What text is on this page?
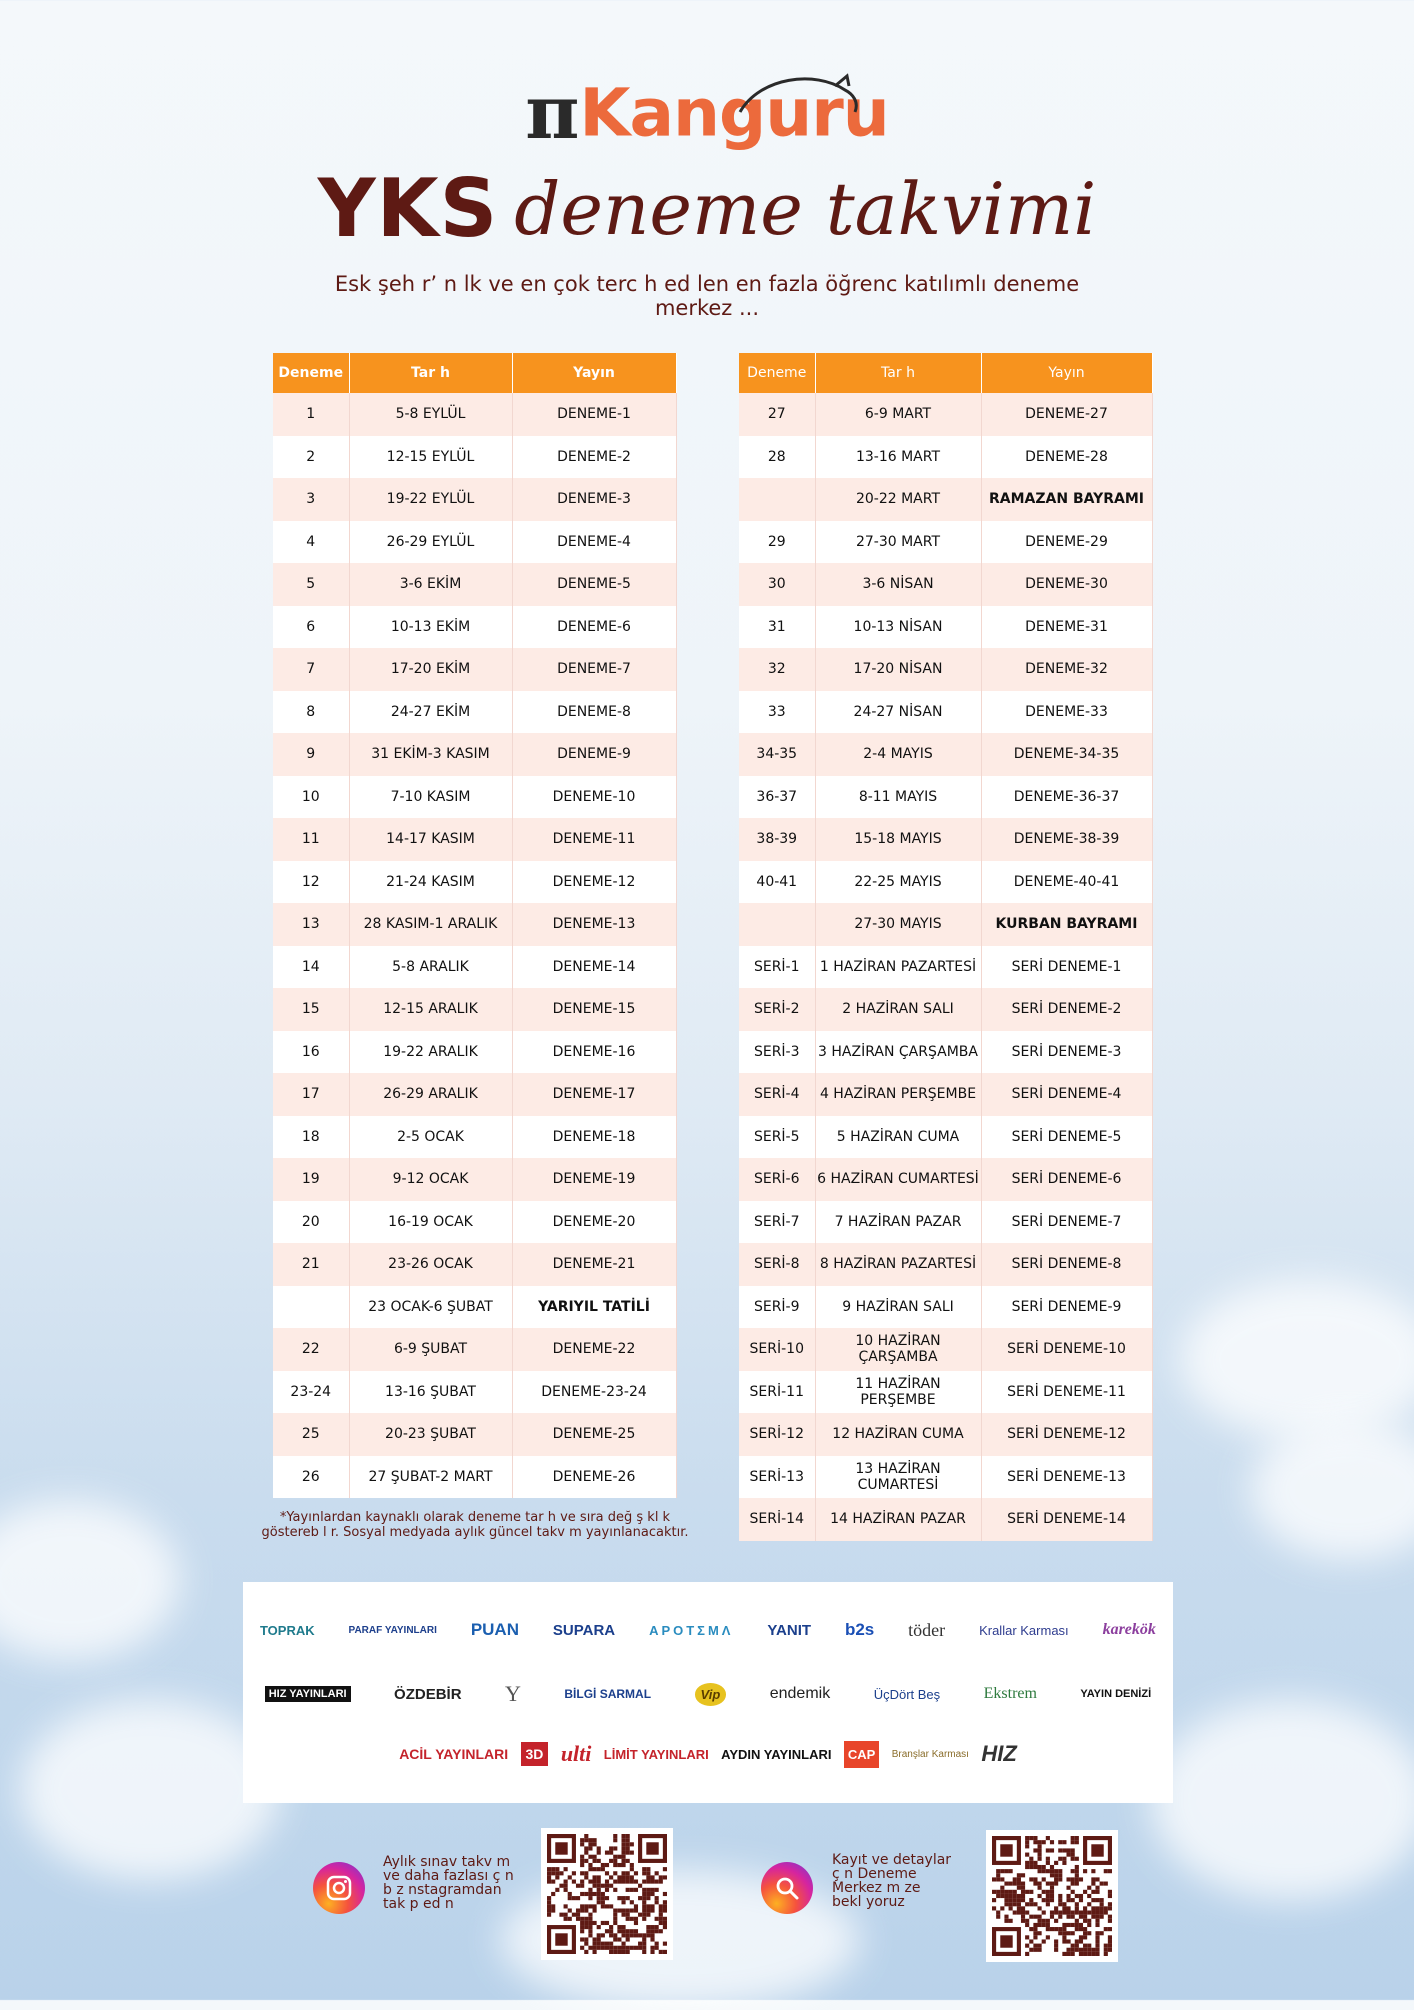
πKanguru
YKS deneme takvimi
Esk şeh r’ n lk ve en çok terc h ed len en fazla öğrenc katılımlı deneme merkez ...
Deneme	Tar h	Yayın
1	5-8 EYLÜL	DENEME-1
2	12-15 EYLÜL	DENEME-2
3	19-22 EYLÜL	DENEME-3
4	26-29 EYLÜL	DENEME-4
5	3-6 EKİM	DENEME-5
6	10-13 EKİM	DENEME-6
7	17-20 EKİM	DENEME-7
8	24-27 EKİM	DENEME-8
9	31 EKİM-3 KASIM	DENEME-9
10	7-10 KASIM	DENEME-10
11	14-17 KASIM	DENEME-11
12	21-24 KASIM	DENEME-12
13	28 KASIM-1 ARALIK	DENEME-13
14	5-8 ARALIK	DENEME-14
15	12-15 ARALIK	DENEME-15
16	19-22 ARALIK	DENEME-16
17	26-29 ARALIK	DENEME-17
18	2-5 OCAK	DENEME-18
19	9-12 OCAK	DENEME-19
20	16-19 OCAK	DENEME-20
21	23-26 OCAK	DENEME-21
	23 OCAK-6 ŞUBAT	YARIYIL TATİLİ
22	6-9 ŞUBAT	DENEME-22
23-24	13-16 ŞUBAT	DENEME-23-24
25	20-23 ŞUBAT	DENEME-25
26	27 ŞUBAT-2 MART	DENEME-26
Deneme	Tar h	Yayın
27	6-9 MART	DENEME-27
28	13-16 MART	DENEME-28
	20-22 MART	RAMAZAN BAYRAMI
29	27-30 MART	DENEME-29
30	3-6 NİSAN	DENEME-30
31	10-13 NİSAN	DENEME-31
32	17-20 NİSAN	DENEME-32
33	24-27 NİSAN	DENEME-33
34-35	2-4 MAYIS	DENEME-34-35
36-37	8-11 MAYIS	DENEME-36-37
38-39	15-18 MAYIS	DENEME-38-39
40-41	22-25 MAYIS	DENEME-40-41
	27-30 MAYIS	KURBAN BAYRAMI
SERİ-1	1 HAZİRAN PAZARTESİ	SERİ DENEME-1
SERİ-2	2 HAZİRAN SALI	SERİ DENEME-2
SERİ-3	3 HAZİRAN ÇARŞAMBA	SERİ DENEME-3
SERİ-4	4 HAZİRAN PERŞEMBE	SERİ DENEME-4
SERİ-5	5 HAZİRAN CUMA	SERİ DENEME-5
SERİ-6	6 HAZİRAN CUMARTESİ	SERİ DENEME-6
SERİ-7	7 HAZİRAN PAZAR	SERİ DENEME-7
SERİ-8	8 HAZİRAN PAZARTESİ	SERİ DENEME-8
SERİ-9	9 HAZİRAN SALI	SERİ DENEME-9
SERİ-10	10 HAZİRAN ÇARŞAMBA	SERİ DENEME-10
SERİ-11	11 HAZİRAN PERŞEMBE	SERİ DENEME-11
SERİ-12	12 HAZİRAN CUMA	SERİ DENEME-12
SERİ-13	13 HAZİRAN CUMARTESİ	SERİ DENEME-13
SERİ-14	14 HAZİRAN PAZAR	SERİ DENEME-14
*Yayınlardan kaynaklı olarak deneme tar h ve sıra değ ş kl k göstereb l r. Sosyal medyada aylık güncel takv m yayınlanacaktır.
TOPRAK	PARAF YAYINLARI PUAN SUPARA	ΑΡΟΤΣΜΛ YANIT b2s töder	Krallar Karması karekök
HIZ YAYINLARI	ÖZDEBİR Y	BİLGİ SARMAL	Vip	endemik	ÜçDört Beş	Ekstrem	YAYIN DENİZİ
ACİL YAYINLARI	3D ulti LİMİT YAYINLARI AYDIN YAYINLARI	CAP	Branşlar Karması HIZ
Aylık sınav takv m ve daha fazlası ç n b z nstagramdan tak p ed n
Kayıt ve detaylar ç n Deneme Merkez m ze bekl yoruz
